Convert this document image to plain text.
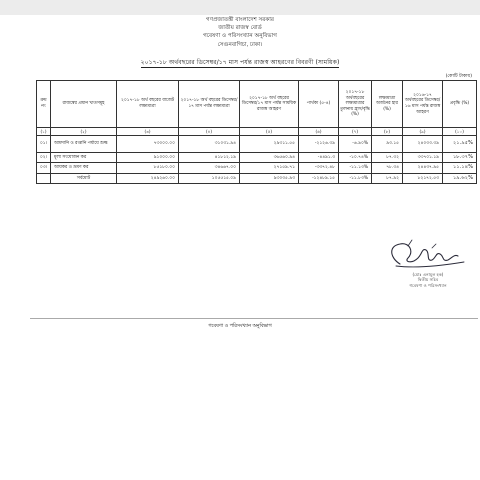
গণপ্রজাতন্ত্রী বাংলাদেশ সরকার
জাতীয় রাজস্ব বোর্ড
গবেষণা ও পরিসংখ্যান অনুবিভাগ
সেগুনবাগিচা, ঢাকা।
২০১৭-১৮ অর্থবছরের ডিসেম্বর/১৭ মাস পর্যন্ত রাজস্ব আহরণের বিবরণী (সাময়িক)
(কোটি টাকায়)
ক্রম নং	রাজস্বের প্রধান খাতসমূহ	২০১৭-১৮ অর্থ বছরের বাজেট লক্ষ্যমাত্রা	২০১৭-১৮ অর্থ বছরের ডিসেম্বর/১৭ মাস পর্যন্ত লক্ষ্যমাত্রা	২০১৭-১৮ অর্থ বছরের ডিসেম্বর/১৭ মাস পর্যন্ত সাময়িক রাজস্ব আহরণ	পার্থক্য (৫-৪)	২০১৭-১৮ অর্থবছরের লক্ষ্যমাত্রার তুলনায় হ্রাস/বৃদ্ধি (%)	লক্ষ্যমাত্রা অর্জনের হার (%)	২০১৬-১৭ অর্থবছরের ডিসেম্বর/১৬ মাস পর্যন্ত রাজস্ব আহরণ	প্রবৃদ্ধি (%)
(১)	(২)	(৩)	(৪)	(৫)	(৬)	(৭)	(৮)	(৯)	(১০)
০১।	আমদানি ও রপ্তানি পর্যায়ে শুল্ক	৭৩০০০.০০	৩১০৩১.৯৪	২৯৩১১.৫৫	-২১২৬.৩৯	-৬.৯০%	৯৩.১৫	২৪০৩৩.৩৯	২১.৯৫%
০২।	মূল্য সংযোজন কর	৯১০০০.০০	৪১৮১২.১৯	৩৬৫৬০.৯৪	-৪৪৯১.৩	-১০.৭৪%	৮৭.৩২	৩৩৭০১.১৯	১৮.৩৭%
০৩।	আয়কর ও ভ্রমণ কর	৮৫১৮০.০০	৩৪৬৬৭.০০	২৭১৫৯.৭১	-৩৩৭২.৪৮	-১১.১৩%	৭৮.৩৪	২৪৪৩৭.৯৫	১১.১৪%
	সর্বমোট	২৪৯২৬০.০০	১০৫৫১৫.০৯	৯৩০৩৫.৯৩	-১২৪৮৯.১৫	-১১.৮৩%	৮৭.৯২	৮২১৭২.৫৩	১৯.৬২%
(মোঃ এনামুল হক)
দ্বিতীয় সচিব
গবেষণা ও পরিসংখ্যান
গবেষণা ও পরিসংখ্যান অনুবিভাগ
